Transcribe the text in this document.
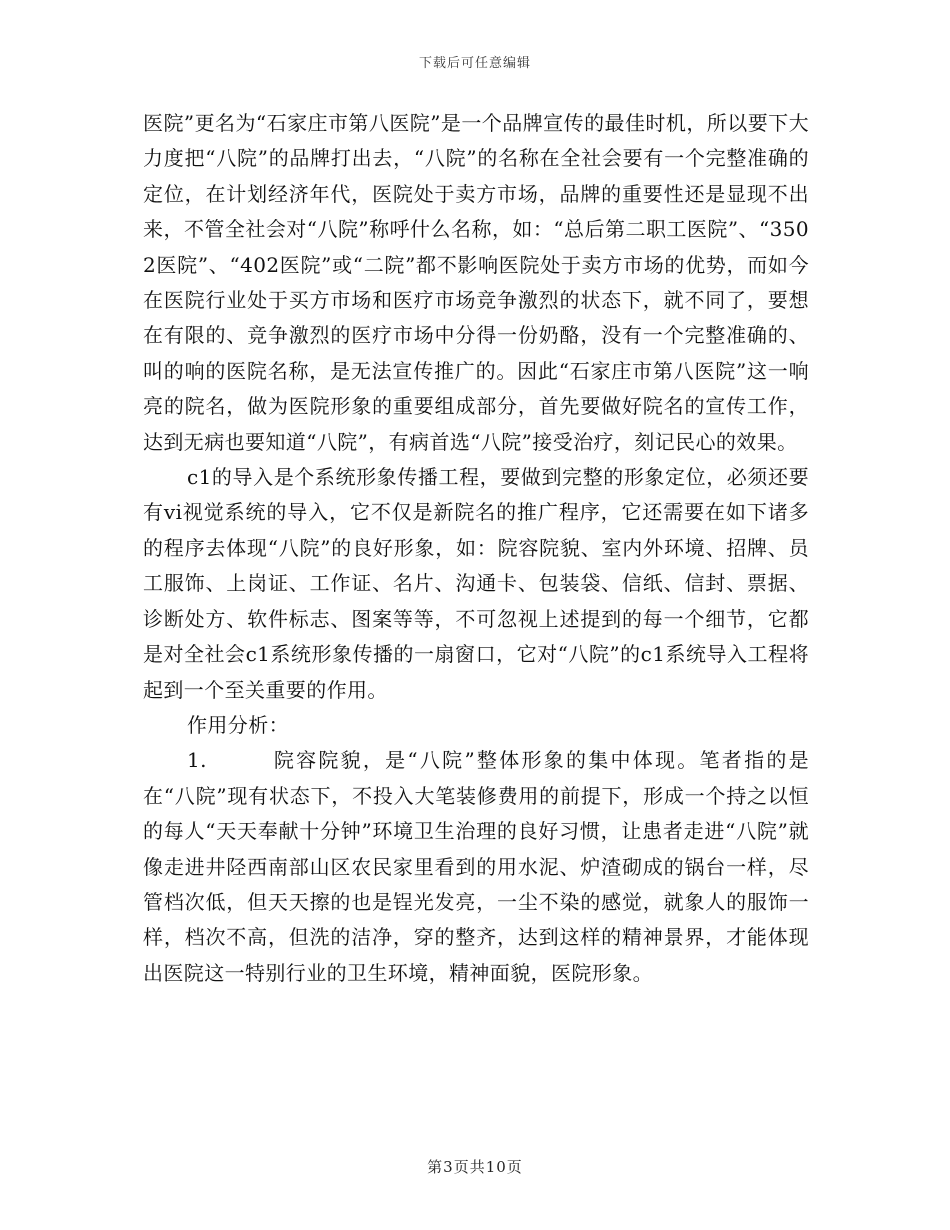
下载后可任意编辑

医院”更名为“石家庄市第八医院”是一个品牌宣传的最佳时机，所以要下大力度把“八院”的品牌打出去，“八院”的名称在全社会要有一个完整准确的定位，在计划经济年代，医院处于卖方市场，品牌的重要性还是显现不出来，不管全社会对“八院”称呼什么名称，如：“总后第二职工医院”、“3502医院”、“402医院”或“二院”都不影响医院处于卖方市场的优势，而如今在医院行业处于买方市场和医疗市场竞争激烈的状态下，就不同了，要想在有限的、竞争激烈的医疗市场中分得一份奶酪，没有一个完整准确的、叫的响的医院名称，是无法宣传推广的。因此“石家庄市第八医院”这一响亮的院名，做为医院形象的重要组成部分，首先要做好院名的宣传工作，达到无病也要知道“八院”，有病首选“八院”接受治疗，刻记民心的效果。

c1的导入是个系统形象传播工程，要做到完整的形象定位，必须还要有vi视觉系统的导入，它不仅是新院名的推广程序，它还需要在如下诸多的程序去体现“八院”的良好形象，如：院容院貌、室内外环境、招牌、员工服饰、上岗证、工作证、名片、沟通卡、包装袋、信纸、信封、票据、诊断处方、软件标志、图案等等，不可忽视上述提到的每一个细节，它都是对全社会c1系统形象传播的一扇窗口，它对“八院”的c1系统导入工程将起到一个至关重要的作用。

作用分析：

1.	院容院貌，是“八院”整体形象的集中体现。笔者指的是在“八院”现有状态下，不投入大笔装修费用的前提下，形成一个持之以恒的每人“天天奉献十分钟”环境卫生治理的良好习惯，让患者走进“八院”就像走进井陉西南部山区农民家里看到的用水泥、炉渣砌成的锅台一样，尽管档次低，但天天擦的也是锃光发亮，一尘不染的感觉，就象人的服饰一样，档次不高，但洗的洁净，穿的整齐，达到这样的精神景界，才能体现出医院这一特别行业的卫生环境，精神面貌，医院形象。

第3页共10页
